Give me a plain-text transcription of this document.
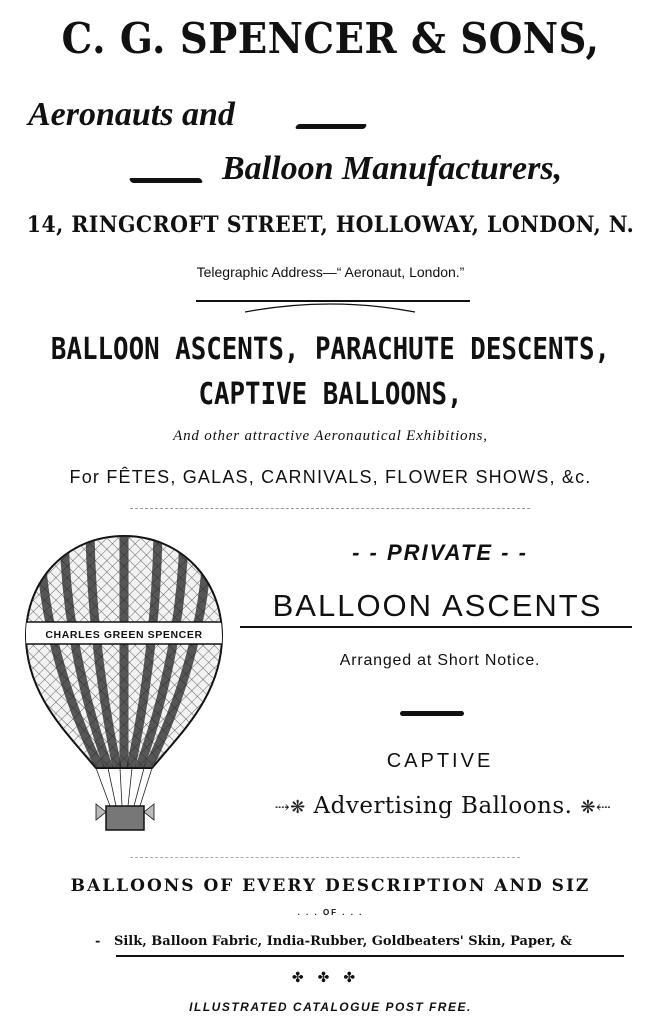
C. G. SPENCER & SONS,
Aeronauts and
Balloon Manufacturers,
14, RINGCROFT STREET, HOLLOWAY, LONDON, N.
Telegraphic Address—“ Aeronaut, London.”
BALLOON ASCENTS, PARACHUTE DESCENTS,
CAPTIVE BALLOONS,
And other attractive Aeronautical Exhibitions,
For FÊTES, GALAS, CARNIVALS, FLOWER SHOWS, &c.
CHARLES GREEN SPENCER
- - PRIVATE - -
BALLOON ASCENTS
Arranged at Short Notice.
CAPTIVE
⇢❋ Advertising Balloons. ❋⇠
BALLOONS OF EVERY DESCRIPTION AND SIZ
. . . OF . . .
-   Silk, Balloon Fabric, India-Rubber, Goldbeaters' Skin, Paper, &
✤✤✤
ILLUSTRATED CATALOGUE POST FREE.
